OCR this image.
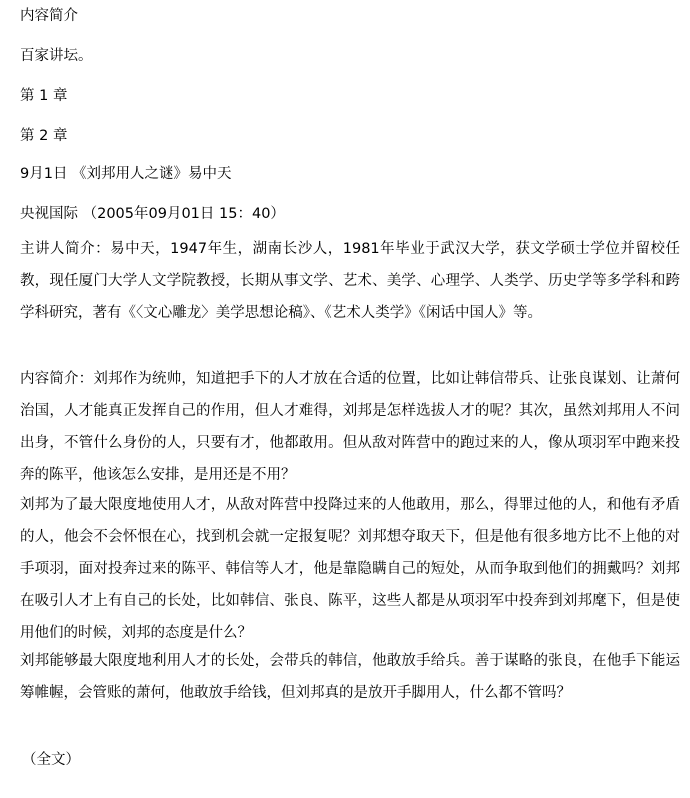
内容简介
百家讲坛。
第 1 章
第 2 章
9月1日 《刘邦用人之谜》易中天
央视国际 （2005年09月01日 15：40）
主讲人简介：易中天，1947年生，湖南长沙人，1981年毕业于武汉大学，获文学硕士学位并留校任教，现任厦门大学人文学院教授，长期从事文学、艺术、美学、心理学、人类学、历史学等多学科和跨学科研究，著有《〈文心雕龙〉美学思想论稿》、《艺术人类学》《闲话中国人》等。
内容简介：刘邦作为统帅，知道把手下的人才放在合适的位置，比如让韩信带兵、让张良谋划、让萧何治国，人才能真正发挥自己的作用，但人才难得，刘邦是怎样选拔人才的呢？其次，虽然刘邦用人不问出身，不管什么身份的人，只要有才，他都敢用。但从敌对阵营中的跑过来的人，像从项羽军中跑来投奔的陈平，他该怎么安排，是用还是不用？
刘邦为了最大限度地使用人才，从敌对阵营中投降过来的人他敢用，那么，得罪过他的人，和他有矛盾的人，他会不会怀恨在心，找到机会就一定报复呢？刘邦想夺取天下，但是他有很多地方比不上他的对手项羽，面对投奔过来的陈平、韩信等人才，他是靠隐瞒自己的短处，从而争取到他们的拥戴吗？刘邦在吸引人才上有自己的长处，比如韩信、张良、陈平，这些人都是从项羽军中投奔到刘邦麾下，但是使用他们的时候，刘邦的态度是什么？
刘邦能够最大限度地利用人才的长处，会带兵的韩信，他敢放手给兵。善于谋略的张良，在他手下能运筹帷幄，会管账的萧何，他敢放手给钱，但刘邦真的是放开手脚用人，什么都不管吗？
（全文）
